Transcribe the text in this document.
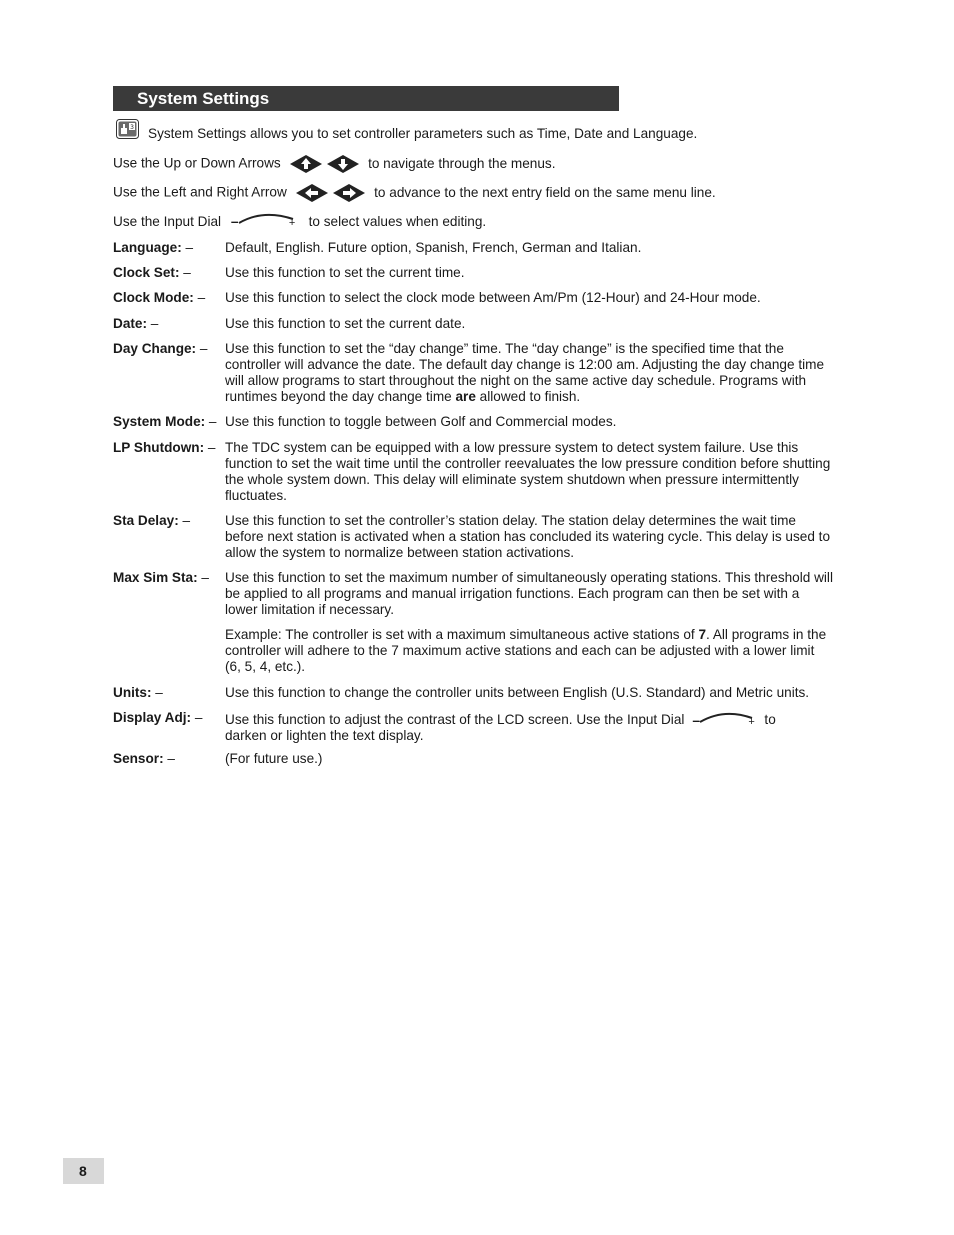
System Settings
3 System Settings allows you to set controller parameters such as Time, Date and Language.
Use the Up or Down Arrows	to navigate through the menus.
Use the Left and Right Arrow	to advance to the next entry field on the same menu line.
Use the Input Dial –	+ to select values when editing.
Language: – Default, English. Future option, Spanish, French, German and Italian.
Clock Set: –	Use this function to set the current time.
Clock Mode: – Use this function to select the clock mode between Am/Pm (12-Hour) and 24-Hour mode.
Date: –	Use this function to set the current date.
Day Change: – Use this function to set the “day change” time. The “day change” is the specified time that the controller will advance the date. The default day change is 12:00 am. Adjusting the day change time will allow programs to start throughout the night on the same active day schedule. Programs with runtimes beyond the day change time are allowed to finish.
System Mode: – Use this function to toggle between Golf and Commercial modes.
LP Shutdown: – The TDC system can be equipped with a low pressure system to detect system failure. Use this function to set the wait time until the controller reevaluates the low pressure condition before shutting the whole system down. This delay will eliminate system shutdown when pressure intermittently fluctuates.
Sta Delay: –	Use this function to set the controller’s station delay. The station delay determines the wait time before next station is activated when a station has concluded its watering cycle. This delay is used to allow the system to normalize between station activations.
Max Sim Sta: – Use this function to set the maximum number of simultaneously operating stations. This threshold will be applied to all programs and manual irrigation functions. Each program can then be set with a lower limitation if necessary.
Example: The controller is set with a maximum simultaneous active stations of 7. All programs in the controller will adhere to the 7 maximum active stations and each can be adjusted with a lower limit (6, 5, 4, etc.).
Units: –	Use this function to change the controller units between English (U.S. Standard) and Metric units.
Display Adj: – Use this function to adjust the contrast of the LCD screen. Use the Input Dial –	+ to darken or lighten the text display.
Sensor: –	(For future use.)
8
